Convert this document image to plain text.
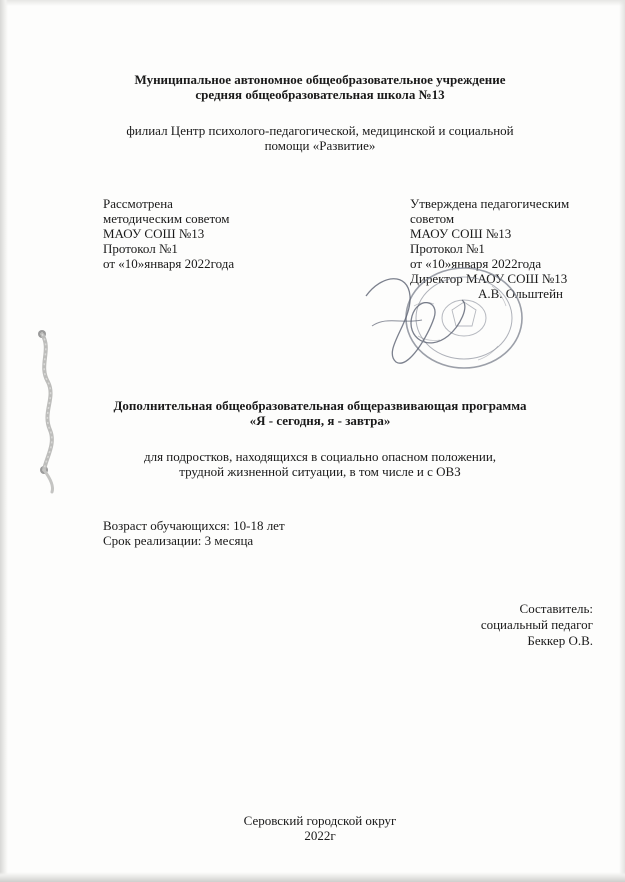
Муниципальное автономное общеобразовательное учреждение
средняя общеобразовательная школа №13
филиал Центр психолого-педагогической, медицинской и социальной
помощи «Развитие»
Рассмотрена
методическим советом
МАОУ СОШ №13
Протокол №1
от «10»января 2022года
Утверждена педагогическим
советом
МАОУ СОШ №13
Протокол №1
от «10»января 2022года
Директор МАОУ СОШ №13
А.В. Ольштейн
Дополнительная общеобразовательная общеразвивающая программа
«Я - сегодня, я - завтра»
для подростков, находящихся в социально опасном положении,
трудной жизненной ситуации, в том числе и с ОВЗ
Возраст обучающихся: 10-18 лет
Срок реализации: 3 месяца
Составитель:
социальный педагог
Беккер О.В.
Серовский городской округ
2022г
